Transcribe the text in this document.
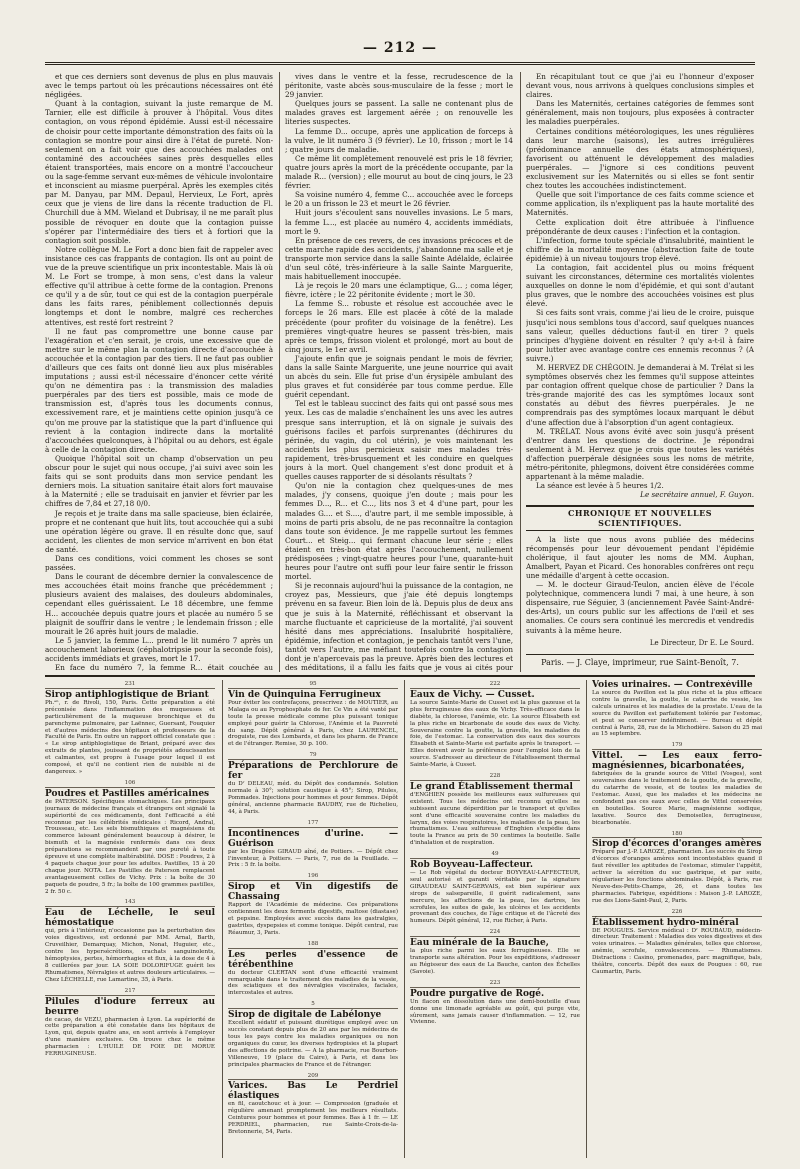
— 212 —

et que ces derniers sont devenus de plus en plus mauvais avec le temps partout où les précautions nécessaires ont été négligées.

Quant à la contagion, suivant la juste remarque de M. Tarnier, elle est difficile à prouver à l'hôpital. Vous dites contagion, on vous répond épidémie. Aussi est-il nécessaire de choisir pour cette importante démonstration des faits où la contagion se montre pour ainsi dire à l'état de pureté. Non-seulement on a fait voir que des accouchées malades ont contaminé des accouchées saines près desquelles elles étaient transportées, mais encore on a montré l'accoucheur ou la sage-femme servant eux-mêmes de véhicule involontaire et inconscient au miasme puerpéral. Après les exemples cités par M. Danyau, par MM. Depaul, Hervieux, Le Fort, après ceux que je viens de lire dans la récente traduction de Fl. Churchill due à MM. Wieland et Dubrisay, il ne me paraît plus possible de révoquer en doute que la contagion puisse s'opérer par l'intermédiaire des tiers et à fortiori que la contagion soit possible.

Notre collègue M. Le Fort a donc bien fait de rappeler avec insistance ces cas frappants de contagion. Ils ont au point de vue de la preuve scientifique un prix incontestable. Mais là où M. Le Fort se trompe, à mon sens, c'est dans la valeur effective qu'il attribue à cette forme de la contagion. Prenons ce qu'il y a de sûr, tout ce qui est de la contagion puerpérale dans les faits rares, péniblement collectionnés depuis longtemps et dont le nombre, malgré ces recherches attentives, est resté fort restreint ?

Il ne faut pas compromettre une bonne cause par l'exagération et c'en serait, je crois, une excessive que de mettre sur le même plan la contagion directe d'accouchée à accouchée et la contagion par des tiers. Il ne faut pas oublier d'ailleurs que ces faits ont donné lieu aux plus misérables imputations ; aussi est-il nécessaire d'énoncer cette vérité qu'on ne démentira pas : la transmission des maladies puerpérales par des tiers est possible, mais ce mode de transmission est, d'après tous les documents connus, excessivement rare, et je maintiens cette opinion jusqu'à ce qu'on me prouve par la statistique que la part d'influence qui revient à la contagion indirecte dans la mortalité d'accouchées quelconques, à l'hôpital ou au dehors, est égale à celle de la contagion directe.

Quoique l'hôpital soit un champ d'observation un peu obscur pour le sujet qui nous occupe, j'ai suivi avec soin les faits qui se sont produits dans mon service pendant les derniers mois. La situation sanitaire était alors fort mauvaise à la Maternité ; elle se traduisait en janvier et février par les chiffres de 7,84 et 27,18 0/0.

Je reçois et je traite dans ma salle spacieuse, bien éclairée, propre et ne contenant que huit lits, tout accouchée qui a subi une opération légère ou grave. Il en résulte donc que, sauf accident, les clientes de mon service m'arrivent en bon état de santé.

Dans ces conditions, voici comment les choses se sont passées.

Dans le courant de décembre dernier la convalescence de mes accouchées était moins franche que précédemment ; plusieurs avaient des malaises, des douleurs abdominales, cependant elles guérissaient. Le 18 décembre, une femme H... accouchée depuis quatre jours et placée au numéro 5 se plaignit de souffrir dans le ventre ; le lendemain frisson ; elle mourait le 26 après huit jours de maladie.

Le 5 janvier, la femme L... prend le lit numéro 7 après un accouchement laborieux (céphalotripsie pour la seconde fois), accidents immédiats et graves, mort le 17.

En face du numéro 7, la femme R... était couchée au

vives dans le ventre et la fesse, recrudescence de la péritonite, vaste abcès sous-musculaire de la fesse ; mort le 29 janvier.

Quelques jours se passent. La salle ne contenant plus de malades graves est largement aérée ; on renouvelle les literies suspectes.

La femme D... occupe, après une application de forceps à la vulve, le lit numéro 3 (9 février). Le 10, frisson ; mort le 14 ; quatre jours de maladie.

Ce même lit complètement renouvelé est pris le 18 février, quatre jours après la mort de la précédente occupante, par la malade R... (version) ; elle mourut au bout de cinq jours, le 23 février.

Sa voisine numéro 4, femme C... accouchée avec le forceps le 20 a un frisson le 23 et meurt le 26 février.

Huit jours s'écoulent sans nouvelles invasions. Le 5 mars, la femme L..., est placée au numéro 4, accidents immédiats, mort le 9.

En présence de ces revers, de ces invasions précoces et de cette marche rapide des accidents, j'abandonne ma salle et je transporte mon service dans la salle Sainte Adélaïde, éclairée d'un seul côté, très-inférieure à la salle Sainte Marguerite, mais habituellement inoccupée.

Là je reçois le 20 mars une éclamptique, G... ; coma léger, fièvre, ictère ; le 22 péritonite évidente ; mort le 30.

La femme S... robuste et résolue est accouchée avec le forceps le 26 mars. Elle est placée à côté de la malade précédente (pour profiter du voisinage de la fenêtre). Les premières vingt-quatre heures se passent très-bien, mais après ce temps, frisson violent et prolongé, mort au bout de cinq jours, le 1er avril.

J'ajoute enfin que je soignais pendant le mois de février, dans la salle Sainte Marguerite, une jeune nourrice qui avait un abcès du sein. Elle fut prise d'un érysipèle ambulant des plus graves et fut considérée par tous comme perdue. Elle guérit cependant.

Tel est le tableau succinct des faits qui ont passé sous mes yeux. Les cas de maladie s'enchaînent les uns avec les autres presque sans interruption, et là on signale je suivais des guérisons faciles et parfois surprenantes (déchirures du périnée, du vagin, du col utérin), je vois maintenant les accidents les plus pernicieux saisir mes malades très-rapidement, très-brusquement et les conduire en quelques jours à la mort. Quel changement s'est donc produit et à quelles causes rapporter de si désolants résultats ?

Qu'on nie la contagion chez quelques-unes de mes malades, j'y consens, quoique j'en doute ; mais pour les femmes D..., R... et C..., lits nos 3 et 4 d'une part, pour les malades G.... et S...., d'autre part, il me semble impossible, à moins de parti pris absolu, de ne pas reconnaître la contagion dans toute son évidence. Je me rappelle surtout les femmes Court... et Steig... qui fermant chacune leur série ; elles étaient en très-bon état après l'accouchement, nullement prédisposées ; vingt-quatre heures pour l'une, quarante-huit heures pour l'autre ont suffi pour leur faire sentir le frisson mortel.

Si je reconnais aujourd'hui la puissance de la contagion, ne croyez pas, Messieurs, que j'aie été depuis longtemps prévenu en sa faveur. Bien loin de là. Depuis plus de deux ans que je suis à la Maternité, réfléchissant et observant la marche fluctuante et capricieuse de la mortalité, j'ai souvent hésité dans mes appréciations. Insalubrité hospitalière, épidémie, infection et contagion, je penchais tantôt vers l'une, tantôt vers l'autre, me méfiant toutefois contre la contagion dont je n'apercevais pas la preuve. Après bien des lectures et des méditations, il a fallu les faits que je vous ai cités pour

En récapitulant tout ce que j'ai eu l'honneur d'exposer devant vous, nous arrivons à quelques conclusions simples et claires.

Dans les Maternités, certaines catégories de femmes sont généralement, mais non toujours, plus exposées à contracter les maladies puerpérales.

Certaines conditions météorologiques, les unes régulières dans leur marche (saisons), les autres irrégulières (prédominance annuelle des états atmosphériques), favorisent ou atténuent le développement des maladies puerpérales. — J'ignore si ces conditions peuvent exclusivement sur les Maternités ou si elles se font sentir chez toutes les accouchées indistinctement.

Quelle que soit l'importance de ces faits comme science et comme application, ils n'expliquent pas la haute mortalité des Maternités.

Cette explication doit être attribuée à l'influence prépondérante de deux causes : l'infection et la contagion.

L'infection, forme toute spéciale d'insalubrité, maintient le chiffre de la mortalité moyenne (abstraction faite de toute épidémie) à un niveau toujours trop élevé.

La contagion, fait accidentel plus ou moins fréquent suivant les circonstances, détermine ces mortalités violentes auxquelles on donne le nom d'épidémie, et qui sont d'autant plus graves, que le nombre des accouchées voisines est plus élevé.

Si ces faits sont vrais, comme j'ai lieu de le croire, puisque jusqu'ici nous semblons tous d'accord, sauf quelques nuances sans valeur, quelles déductions faut-il en tirer ? quels principes d'hygiène doivent en résulter ? qu'y a-t-il à faire pour lutter avec avantage contre ces ennemis reconnus ? (A suivre.)

M. HERVEZ DE CHÉGOIN. Je demanderai à M. Trélat si les symptômes observés chez les femmes qu'il suppose atteintes par contagion offrent quelque chose de particulier ? Dans la très-grande majorité des cas les symptômes locaux sont constatés au début des fièvres puerpérales. Je ne comprendrais pas des symptômes locaux marquant le début d'une affection due à l'absorption d'un agent contagieux.

M. TRÉLAT. Nous avons évité avec soin jusqu'à présent d'entrer dans les questions de doctrine. Je répondrai seulement à M. Hervez que je crois que toutes les variétés d'affection puerpérale désignées sous les noms de métrite, métro-péritonite, phlegmons, doivent être considérées comme appartenant à la même maladie.

La séance est levée à 5 heures 1/2.

Le secrétaire annuel, F. Guyon.

CHRONIQUE ET NOUVELLES SCIENTIFIQUES.

A la liste que nous avons publiée des médecins récompensés pour leur dévouement pendant l'épidémie cholérique, il faut ajouter les noms de MM. Auphan, Amalbert, Payan et Picard. Ces honorables confrères ont reçu une médaille d'argent à cette occasion.

— M. le docteur Giraud-Teulon, ancien élève de l'école polytechnique, commencera lundi 7 mai, à une heure, à son dispensaire, rue Séguier, 3 (anciennement Pavée Saint-André-des-Arts), un cours public sur les affections de l'œil et ses anomalies. Ce cours sera continué les mercredis et vendredis suivants à la même heure.

Le Directeur, Dr E. Le Sourd.
Paris. — J. Claye, imprimeur, rue Saint-Benoît, 7.
231
Sirop antiphlogistique de Briant
Ph.ᵉⁿ, r. de Rivoli, 150, Paris. Cette préparation a été préconisée dans l'inflammation des muqueuses et particulièrement de la muqueuse bronchique et du parenchyme pulmonaire, par Laënnec, Guersant, Fouquier et d'autres médecins des hôpitaux et professeurs de la Faculté de Paris. En outre un rapport officiel constate que : « Le sirop antiphlogistique de Briant, préparé avec des extraits de plantes, jouissant de propriétés adoucissantes et calmantes, est propre à l'usage pour lequel il est composé, et qu'il ne contient rien de nuisible ni de dangereux. »
106
Poudres et Pastilles américaines
de PATERSON. Spécifiques stomachiques. Les principaux journaux de médecine français et étrangers ont signalé la supériorité de ces médicaments, dont l'efficacité a été reconnue par les célébrités médicales : Ricord, Andral, Trousseau, etc. Les sels bismuthiques et magnésiens du commerce laissant généralement beaucoup à désirer, le bismuth et la magnésie renfermés dans ces deux préparations se recommandent par une pureté à toute épreuve et une complète inaltérabilité. DOSE : Poudres, 2 à 4 paquets chaque jour pour les adultes. Pastilles, 15 à 20 chaque jour. NOTA. Les Pastilles de Paterson remplacent avantageusement celles de Vichy. Prix : la boîte de 30 paquets de poudre, 5 fr.; la boîte de 100 grammes pastilles, 2 fr. 50 c.
143
Eau de Léchelle, le seul hémostatique
qui, pris à l'intérieur, n'occasionne pas la perturbation des voies digestives, est ordonné par MM. Arnal, Barth, Cruveilhier, Demarquay, Michon, Nonat, Huguier, etc., contre les hypersécrétions, crachats sanguinolents, hémoptysies, pertes, hémorrhagies et flux, à la dose de 4 à 8 cuillerées par jour. LA SOIE DOLORIFUGE guérit les Rhumatismes, Névralgies et autres douleurs articulaires. — Chez LÉCHELLE, rue Lamartine, 35, à Paris.
217
Pilules d'iodure ferreux au beurre
de cacao, de VEZU, pharmacien à Lyon. La supériorité de cette préparation a été constatée dans les hôpitaux de Lyon, qui, depuis quatre ans, en sont arrivés à l'employer d'une manière exclusive. On trouve chez le même pharmacien : L'HUILE DE FOIE DE MORUE FERRUGINEUSE.
95
Vin de Quinquina Ferrugineux
Pour éviter les contrefaçons, prescrivez : de MOUTIER, au Malaga ou au Pyrophosphate de fer. Ce Vin a été vanté par toute la presse médicale comme plus puissant tonique employé pour guérir la Chlorose, l'Anémie et la Pauvreté du sang. Dépôt général à Paris, chez LAURENCEL, droguiste, rue des Lombards, et dans les pharm. de France et de l'étranger. Remise, 30 p. 100.
79
Préparations de Perchlorure de fer
du Dʳ DELEAU, méd. du Dépôt des condamnés. Solution normale à 30°; solution caustique à 45°; Sirop, Pilules, Pommades. Injections pour hommes et pour femmes. Dépôt général, ancienne pharmacie BAUDRY, rue de Richelieu, 44, à Paris.
177
Incontinences d'urine. — Guérison
par les Dragées GIRAUD aîné, de Poitiers. — Dépôt chez l'inventeur, à Poitiers. — Paris, 7, rue de la Feuillade. — Prix : 5 fr. la boîte.
196
Sirop et Vin digestifs de Chassaing
Rapport de l'Académie de médecine. Ces préparations contiennent les deux ferments digestifs, maltose (diastase) et pepsine. Employées avec succès dans les gastralgies, gastrites, dyspepsies et comme tonique. Dépôt central, rue Réaumur, 3, Paris.
188
Les perles d'essence de térébenthine
du docteur CLERTAN sont d'une efficacité vraiment remarquable dans le traitement des maladies de la vessie, des sciatiques et des névralgies viscérales, faciales, intercostales et autres.
5
Sirop de digitale de Labélonye
Excellent sédatif et puissant diurétique employé avec un succès constant depuis plus de 20 ans par les médecins de tous les pays contre les maladies organiques ou non organiques du cœur, les diverses hydropisies et la plupart des affections de poitrine. — A la pharmacie, rue Bourbon-Villeneuve, 19 (place du Caire), à Paris, et dans les principales pharmacies de France et de l'étranger.
209
Varices. Bas Le Perdriel élastiques
en fil, caoutchouc et à jour. — Compression (graduée et régulière amenant promptement les meilleurs résultats. Ceintures pour hommes et pour femmes. Bas à 1 fr. — LE PERDRIEL, pharmacien, rue Sainte-Croix-de-la-Bretonnerie, 54, Paris.
222
Eaux de Vichy. — Cusset.
La source Sainte-Marie de Cusset est la plus gazeuse et la plus ferrugineuse des eaux de Vichy. Très-efficace dans le diabète, la chlorose, l'anémie, etc. La source Élisabeth est la plus riche en bicarbonate de soude des eaux de Vichy. Souveraine contre la goutte, la gravelle, les maladies du foie, de l'estomac. La conservation des eaux des sources Élisabeth et Sainte-Marie est parfaite après le transport. — Elles doivent avoir la préférence pour l'emploi loin de la source. S'adresser au directeur de l'établissement thermal Sainte-Marie, à Cusset.
228
Le grand Établissement thermal
d'ENGHIEN possède les meilleures eaux sulfureuses qui existent. Tous les médecins ont reconnu qu'elles ne subissent aucune déperdition par le transport et qu'elles sont d'une efficacité souveraine contre les maladies du larynx, des voies respiratoires, les maladies de la peau, les rhumatismes. L'eau sulfureuse d'Enghien s'expédie dans toute la France au prix de 50 centimes la bouteille. Salle d'inhalation et de respiration.
49
Rob Boyveau-Laffecteur.
— Le Rob végétal du docteur BOYVEAU-LAFFECTEUR, seul autorisé et garanti véritable par la signature GIRAUDEAU SAINT-GERVAIS, est bien supérieur aux sirops de salsepareille, il guérit radicalement, sans mercure, les affections de la peau, les dartres, les scrofules, les suites de gale, les ulcères et les accidents provenant des couches, de l'âge critique et de l'âcreté des humeurs. Dépôt général, 12, rue Richer, à Paris.
224
Eau minérale de la Bauche,
la plus riche parmi les eaux ferrugineuses. Elle se transporte sans altération. Pour les expéditions, s'adresser au Régisseur des eaux de La Bauche, canton des Échelles (Savoie).
223
Poudre purgative de Rogé.
Un flacon en dissolution dans une demi-bouteille d'eau donne une limonade agréable au goût, qui purge vite, sûrement, sans jamais causer d'inflammation. — 12, rue Vivienne.
Voies urinaires. — Contrexéville
La source du Pavillon est la plus riche et la plus efficace contre la gravelle, la goutte, le catarrhe de vessie, les calculs urinaires et les maladies de la prostate. L'eau de la source du Pavillon est parfaitement tolérée par l'estomac, et peut se conserver indéfiniment. — Bureau et dépôt central à Paris, 28, rue de la Michodière. Saison du 25 mai au 15 septembre.
179
Vittel. — Les eaux ferro-magnésiennes, bicarbonatées,
fabriquées de la grande source de Vittel (Vosges), sont souveraines dans le traitement de la goutte, de la gravelle, du catarrhe de vessie, et de toutes les maladies de l'estomac. Aussi, que les malades et les médecins ne confondent pas ces eaux avec celles de Vittel conservées en bouteilles. Source Marie, magnésienne sodique, laxative. Source des Demoiselles, ferrugineuse, bicarbonatée.
180
Sirop d'écorces d'oranges amères
Préparé par J.-P. LAROZE, pharmacien. Les succès du Sirop d'écorces d'oranges amères sont incontestables quand il faut réveiller les aptitudes de l'estomac, stimuler l'appétit, activer la sécrétion du suc gastrique, et par suite, régulariser les fonctions abdominales. Dépôt, à Paris, rue Neuve-des-Petits-Champs, 26, et dans toutes les pharmacies. Fabrique, expéditions : Maison J.-P. LAROZE, rue des Lions-Saint-Paul, 2, Paris.
226
Établissement hydro-minéral
DE POUGUES. Service médical : Dʳ ROUBAUD, médecin-directeur. Traitement : Maladies des voies digestives et des voies urinaires. — Maladies générales, telles que chlorose, anémie, scrofule, convalescences. — Rhumatismes. Distractions : Casino, promenades, parc magnifique, bals, théâtre, concerts. Dépôt des eaux de Pougues : 60, rue Caumartin, Paris.
